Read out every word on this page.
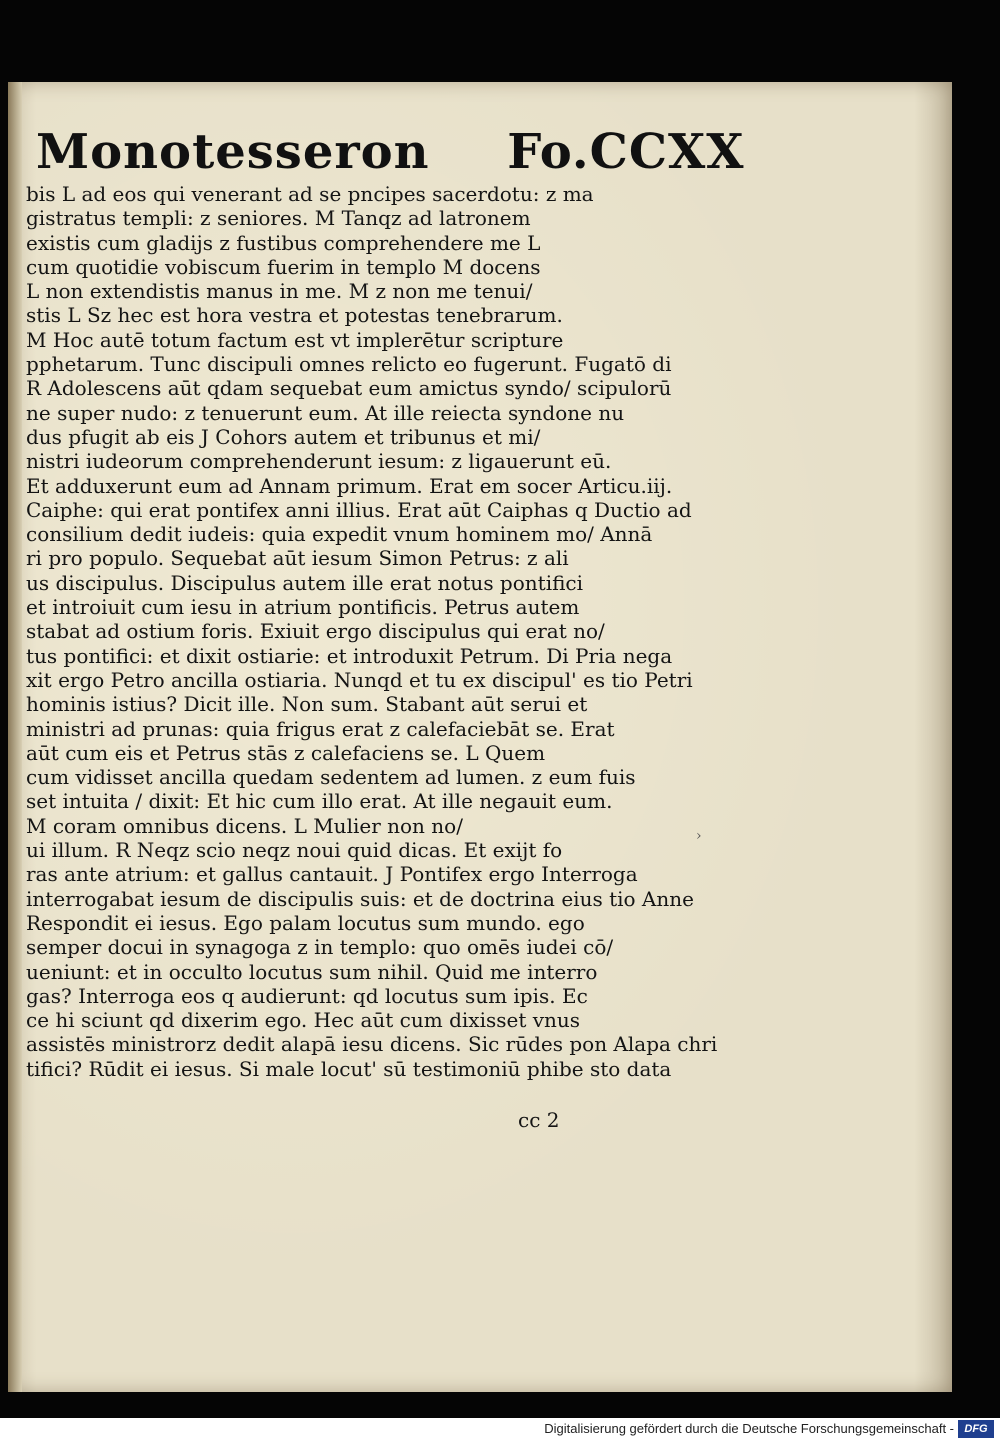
Monotesseron Fo.CCXX
bis L ad eos qui venerant ad se pncipes sacerdotu: z ma
gistratus templi: z seniores. M Tanqz ad latronem
existis cum gladijs z fustibus comprehendere me L
cum quotidie vobiscum fuerim in templo M docens
L non extendistis manus in me. M z non me tenui/
stis L Sz hec est hora vestra et potestas tenebrarum.
M Hoc autē totum factum est vt implerētur scripture
pphetarum. Tunc discipuli omnes relicto eo fugerunt. Fugatō di
R Adolescens aūt qdam sequebat eum amictus syndo/ scipulorū
ne super nudo: z tenuerunt eum. At ille reiecta syndone nu
dus pfugit ab eis J Cohors autem et tribunus et mi/
nistri iudeorum comprehenderunt iesum: z ligauerunt eū.
Et adduxerunt eum ad Annam primum. Erat em socer Articu.iij.
Caiphe: qui erat pontifex anni illius. Erat aūt Caiphas q Ductio ad
consilium dedit iudeis: quia expedit vnum hominem mo/ Annā
ri pro populo. Sequebat aūt iesum Simon Petrus: z ali
us discipulus. Discipulus autem ille erat notus pontifici
et introiuit cum iesu in atrium pontificis. Petrus autem
stabat ad ostium foris. Exiuit ergo discipulus qui erat no/
tus pontifici: et dixit ostiarie: et introduxit Petrum. Di Pria nega
xit ergo Petro ancilla ostiaria. Nunqd et tu ex discipul' es tio Petri
hominis istius? Dicit ille. Non sum. Stabant aūt serui et
ministri ad prunas: quia frigus erat z calefaciebāt se. Erat
aūt cum eis et Petrus stās z calefaciens se. L Quem
cum vidisset ancilla quedam sedentem ad lumen. z eum fuis
set intuita / dixit: Et hic cum illo erat. At ille negauit eum.
M coram omnibus dicens. L Mulier non no/
ui illum. R Neqz scio neqz noui quid dicas. Et exijt fo
ras ante atrium: et gallus cantauit. J Pontifex ergo Interroga
interrogabat iesum de discipulis suis: et de doctrina eius tio Anne
Respondit ei iesus. Ego palam locutus sum mundo. ego
semper docui in synagoga z in templo: quo omēs iudei cō/
ueniunt: et in occulto locutus sum nihil. Quid me interro
gas? Interroga eos q audierunt: qd locutus sum ipis. Ec
ce hi sciunt qd dixerim ego. Hec aūt cum dixisset vnus
assistēs ministrorz dedit alapā iesu dicens. Sic rūdes pon Alapa chri
tifici? Rūdit ei iesus. Si male locut' sū testimoniū phibe sto data
›
cc 2
Digitalisierung gefördert durch die Deutsche Forschungsgemeinschaft - DFG
